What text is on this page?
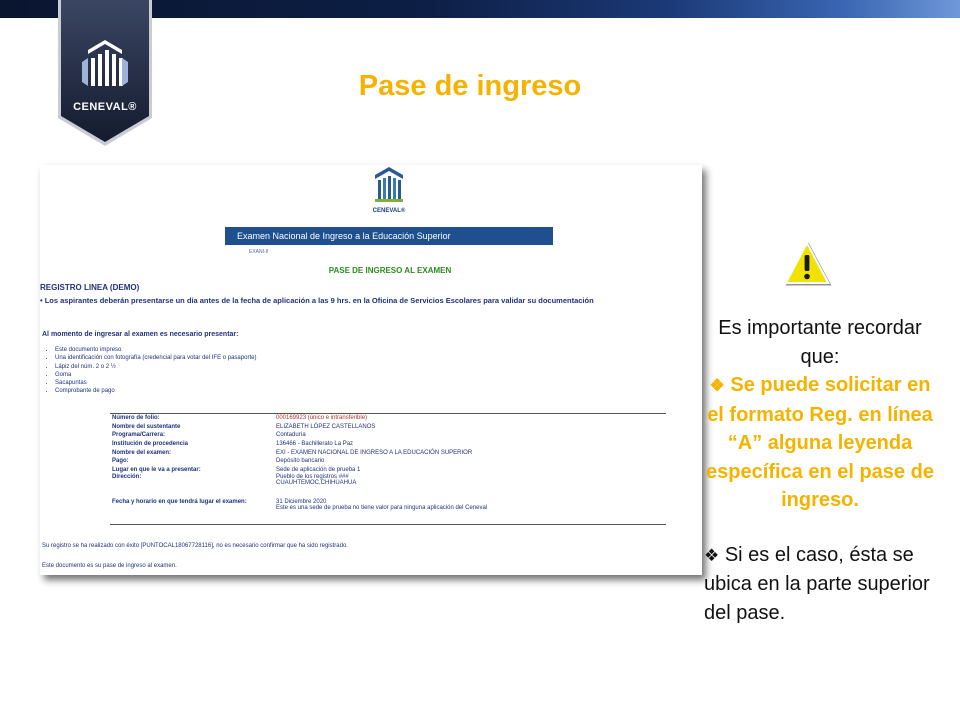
CENEVAL®
Pase de ingreso
CENEVAL®
Examen Nacional de Ingreso a la Educación Superior
EXANI-II
PASE DE INGRESO AL EXAMEN
REGISTRO LINEA (DEMO)
• Los aspirantes deberán presentarse un día antes de la fecha de aplicación a las 9 hrs. en la Oficina de Servicios Escolares para validar su documentación
Al momento de ingresar al examen es necesario presentar:
• Este documento impreso
• Una identificación con fotografía (credencial para votar del IFE o pasaporte)
• Lápiz del núm. 2 o 2 ½
• Goma
• Sacapuntas
• Comprobante de pago
Número de folio:	000169923 (único e intransferible)
Nombre del sustentante	ELIZABETH LÓPEZ CASTELLANOS
Programa/Carrera:	Contaduría
Institución de procedencia	136466 - Bachillerato La Paz
Nombre del examen:	EXI - EXAMEN NACIONAL DE INGRESO A LA EDUCACIÓN SUPERIOR
Pago:	Depósito bancario
Lugar en que le va a presentar:	Sede de aplicación de prueba 1
Dirección:	Pueblo de los registros ###
CUAUHTEMOC,CHIHUAHUA
Fecha y horario en que tendrá lugar el examen:	31 Diciembre 2020
Este es una sede de prueba no tiene valor para ninguna aplicación del Ceneval
Su registro se ha realizado con éxito [PUNTOCAL18067728116], no es necesario confirmar que ha sido registrado.
Este documento es su pase de ingreso al examen.
Es importante recordar que:
❖ Se puede solicitar en el formato Reg. en línea “A” alguna leyenda específica en el pase de ingreso.
❖ Si es el caso, ésta se ubica en la parte superior del pase.
